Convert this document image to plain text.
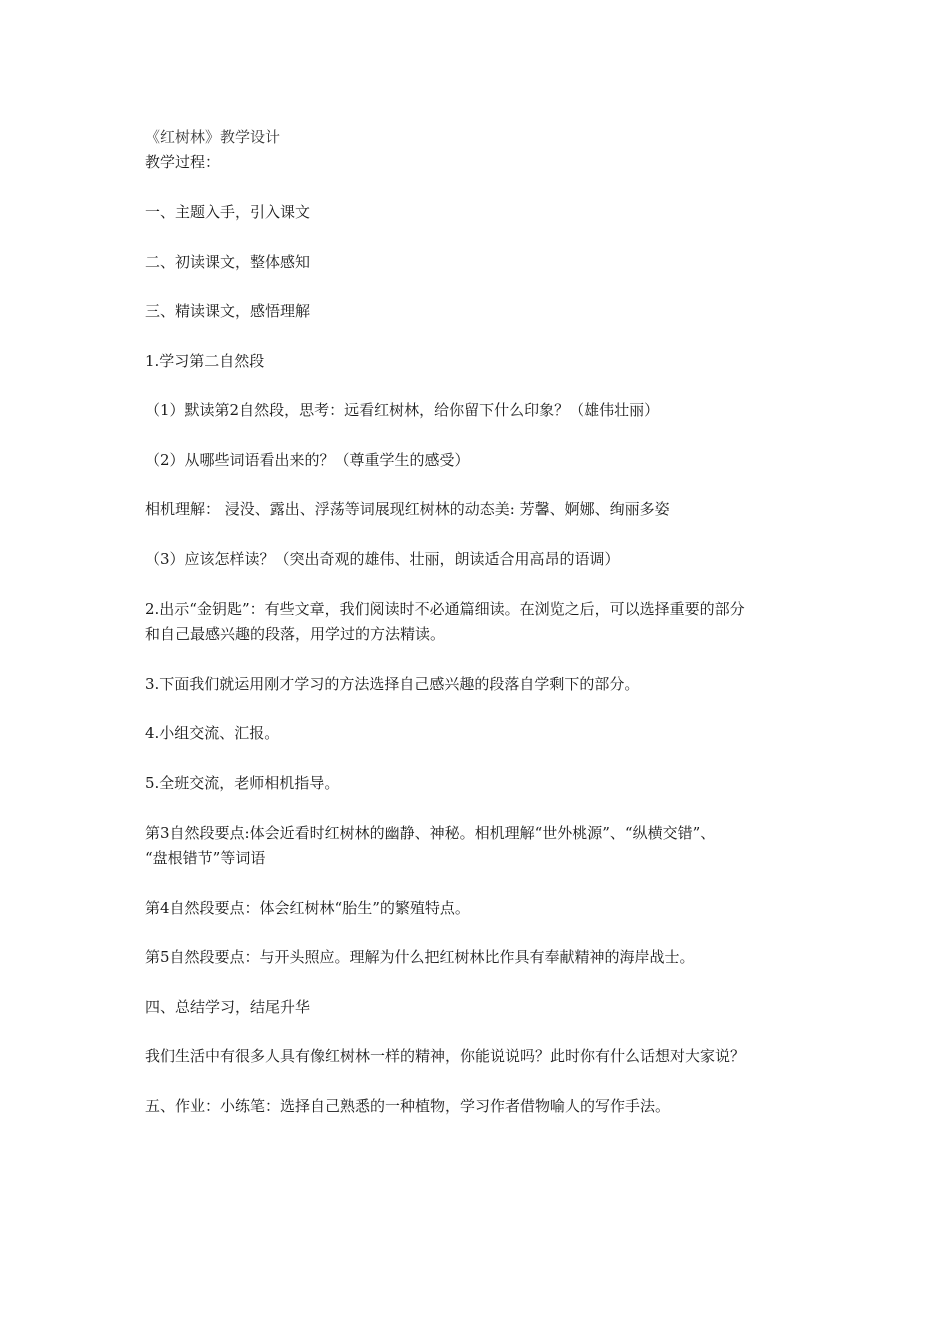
《红树林》教学设计
教学过程：
一、主题入手，引入课文
二、初读课文，整体感知
三、精读课文，感悟理解
1.学习第二自然段
（1）默读第2自然段，思考：远看红树林，给你留下什么印象？（雄伟壮丽）
（2）从哪些词语看出来的？（尊重学生的感受）
相机理解： 浸没、露出、浮荡等词展现红树林的动态美: 芳馨、婀娜、绚丽多姿
（3）应该怎样读？（突出奇观的雄伟、壮丽，朗读适合用高昂的语调）
2.出示“金钥匙”：有些文章，我们阅读时不必通篇细读。在浏览之后，可以选择重要的部分
和自己最感兴趣的段落，用学过的方法精读。
3.下面我们就运用刚才学习的方法选择自己感兴趣的段落自学剩下的部分。
4.小组交流、汇报。
5.全班交流，老师相机指导。
第3自然段要点:体会近看时红树林的幽静、神秘。相机理解“世外桃源”、“纵横交错”、
“盘根错节”等词语
第4自然段要点：体会红树林“胎生”的繁殖特点。
第5自然段要点：与开头照应。理解为什么把红树林比作具有奉献精神的海岸战士。
四、总结学习，结尾升华
我们生活中有很多人具有像红树林一样的精神，你能说说吗？此时你有什么话想对大家说？
五、作业：小练笔：选择自己熟悉的一种植物，学习作者借物喻人的写作手法。
